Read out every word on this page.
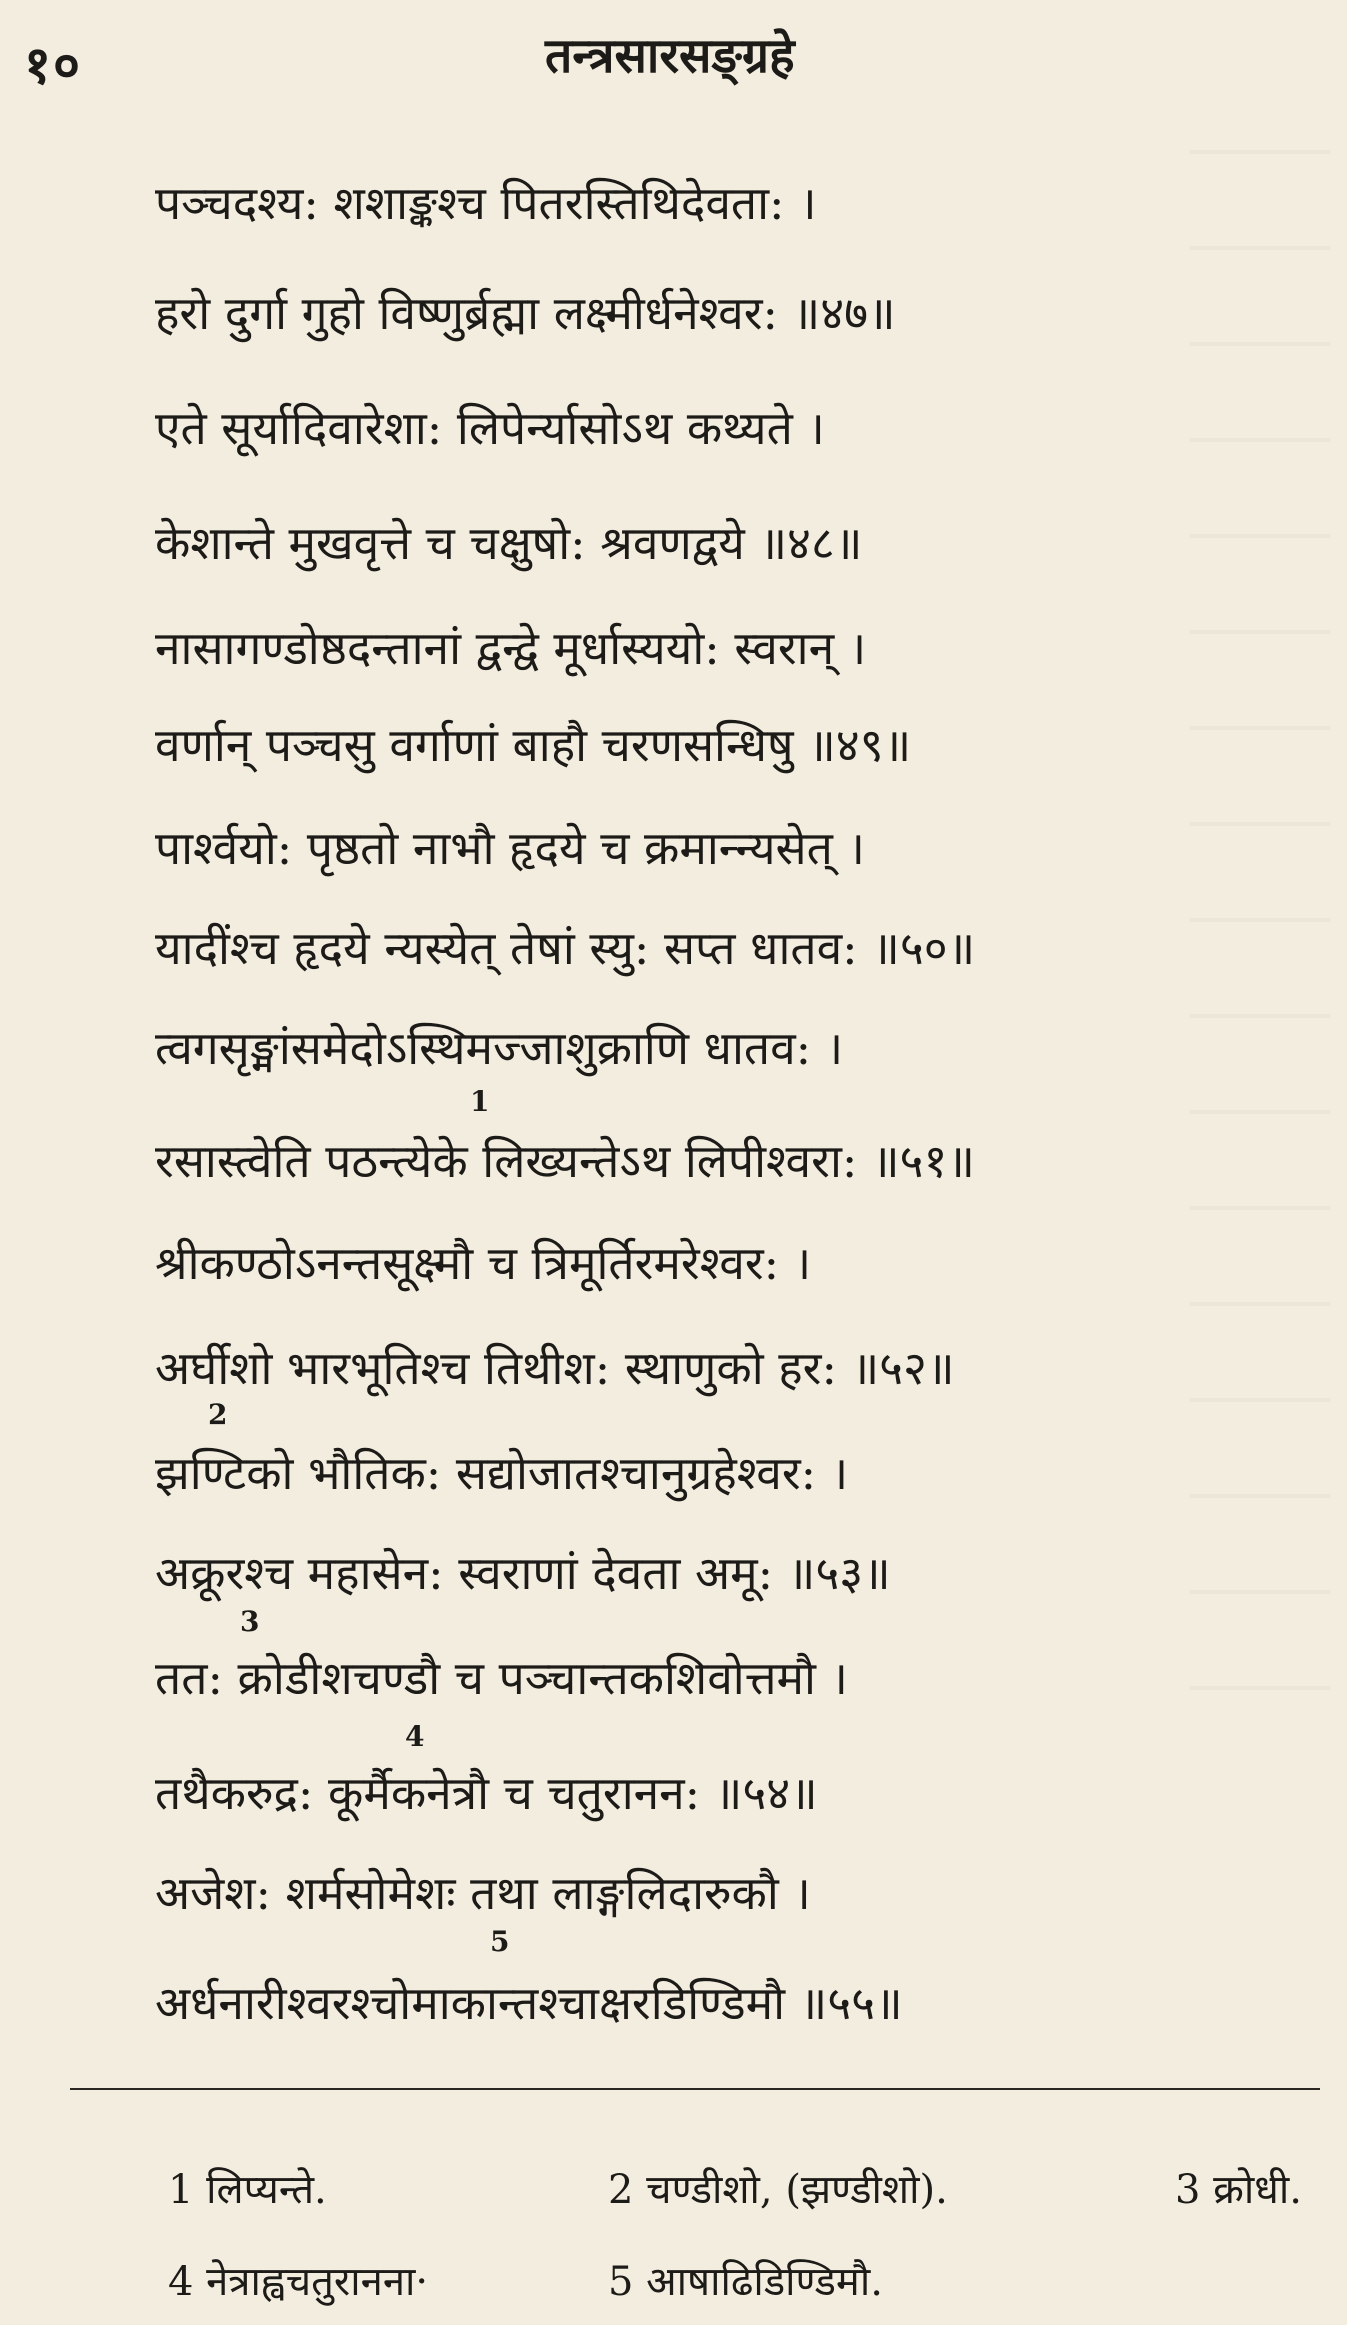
१०	तन्त्रसारसङ्ग्रहे
पञ्चदश्य: शशाङ्कश्च पितरस्तिथिदेवता: ।
हरो दुर्गा गुहो विष्णुर्ब्रह्मा लक्ष्मीर्धनेश्वर: ॥४७॥
एते सूर्यादिवारेशा: लिपेर्न्यासोऽथ कथ्यते ।
केशान्ते मुखवृत्ते च चक्षुषो: श्रवणद्वये ॥४८॥
नासागण्डोष्ठदन्तानां द्वन्द्वे मूर्धास्ययो: स्वरान् ।
वर्णान् पञ्चसु वर्गाणां बाहौ चरणसन्धिषु ॥४९॥
पार्श्वयो: पृष्ठतो नाभौ हृदये च क्रमान्न्यसेत् ।
यादींश्च हृदये न्यस्येत् तेषां स्यु: सप्त धातव: ॥५०॥
त्वगसृङ्मांसमेदोऽस्थिमज्जाशुक्राणि धातव: ।
1
रसास्त्वेति पठन्त्येके लिख्यन्तेऽथ लिपीश्वरा: ॥५१॥
श्रीकण्ठोऽनन्तसूक्ष्मौ च त्रिमूर्तिरमरेश्वर: ।
अर्घीशो भारभूतिश्च तिथीश: स्थाणुको हर: ॥५२॥
2
झण्टिको भौतिक: सद्योजातश्चानुग्रहेश्वर: ।
अक्रूरश्च महासेन: स्वराणां देवता अमू: ॥५३॥
3
तत: क्रोडीशचण्डौ च पञ्चान्तकशिवोत्तमौ ।
4
तथैकरुद्र: कूर्मैकनेत्रौ च चतुरानन: ॥५४॥
अजेश: शर्मसोमेशः तथा लाङ्गलिदारुकौ ।
5
अर्धनारीश्वरश्चोमाकान्तश्चाक्षरडिण्डिमौ ॥५५॥
1 लिप्यन्ते.	2 चण्डीशो, (झण्डीशो).	3 क्रोधी.
4 नेत्राह्वचतुरानना·	5 आषाढिडिण्डिमौ.
